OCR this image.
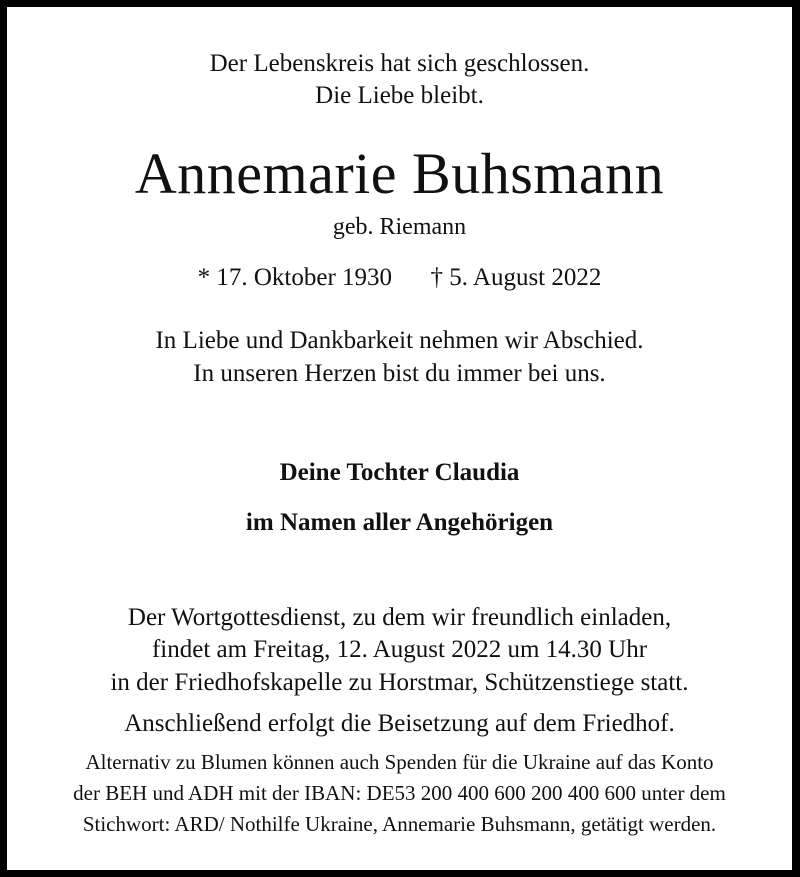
Der Lebenskreis hat sich geschlossen.
Die Liebe bleibt.
Annemarie Buhsmann
geb. Riemann
* 17. Oktober 1930 † 5. August 2022
In Liebe und Dankbarkeit nehmen wir Abschied.
In unseren Herzen bist du immer bei uns.
Deine Tochter Claudia
im Namen aller Angehörigen
Der Wortgottesdienst, zu dem wir freundlich einladen,
findet am Freitag, 12. August 2022 um 14.30 Uhr
in der Friedhofskapelle zu Horstmar, Schützenstiege statt.
Anschließend erfolgt die Beisetzung auf dem Friedhof.
Alternativ zu Blumen können auch Spenden für die Ukraine auf das Konto
der BEH und ADH mit der IBAN: DE53 200 400 600 200 400 600 unter dem
Stichwort: ARD/ Nothilfe Ukraine, Annemarie Buhsmann, getätigt werden.
